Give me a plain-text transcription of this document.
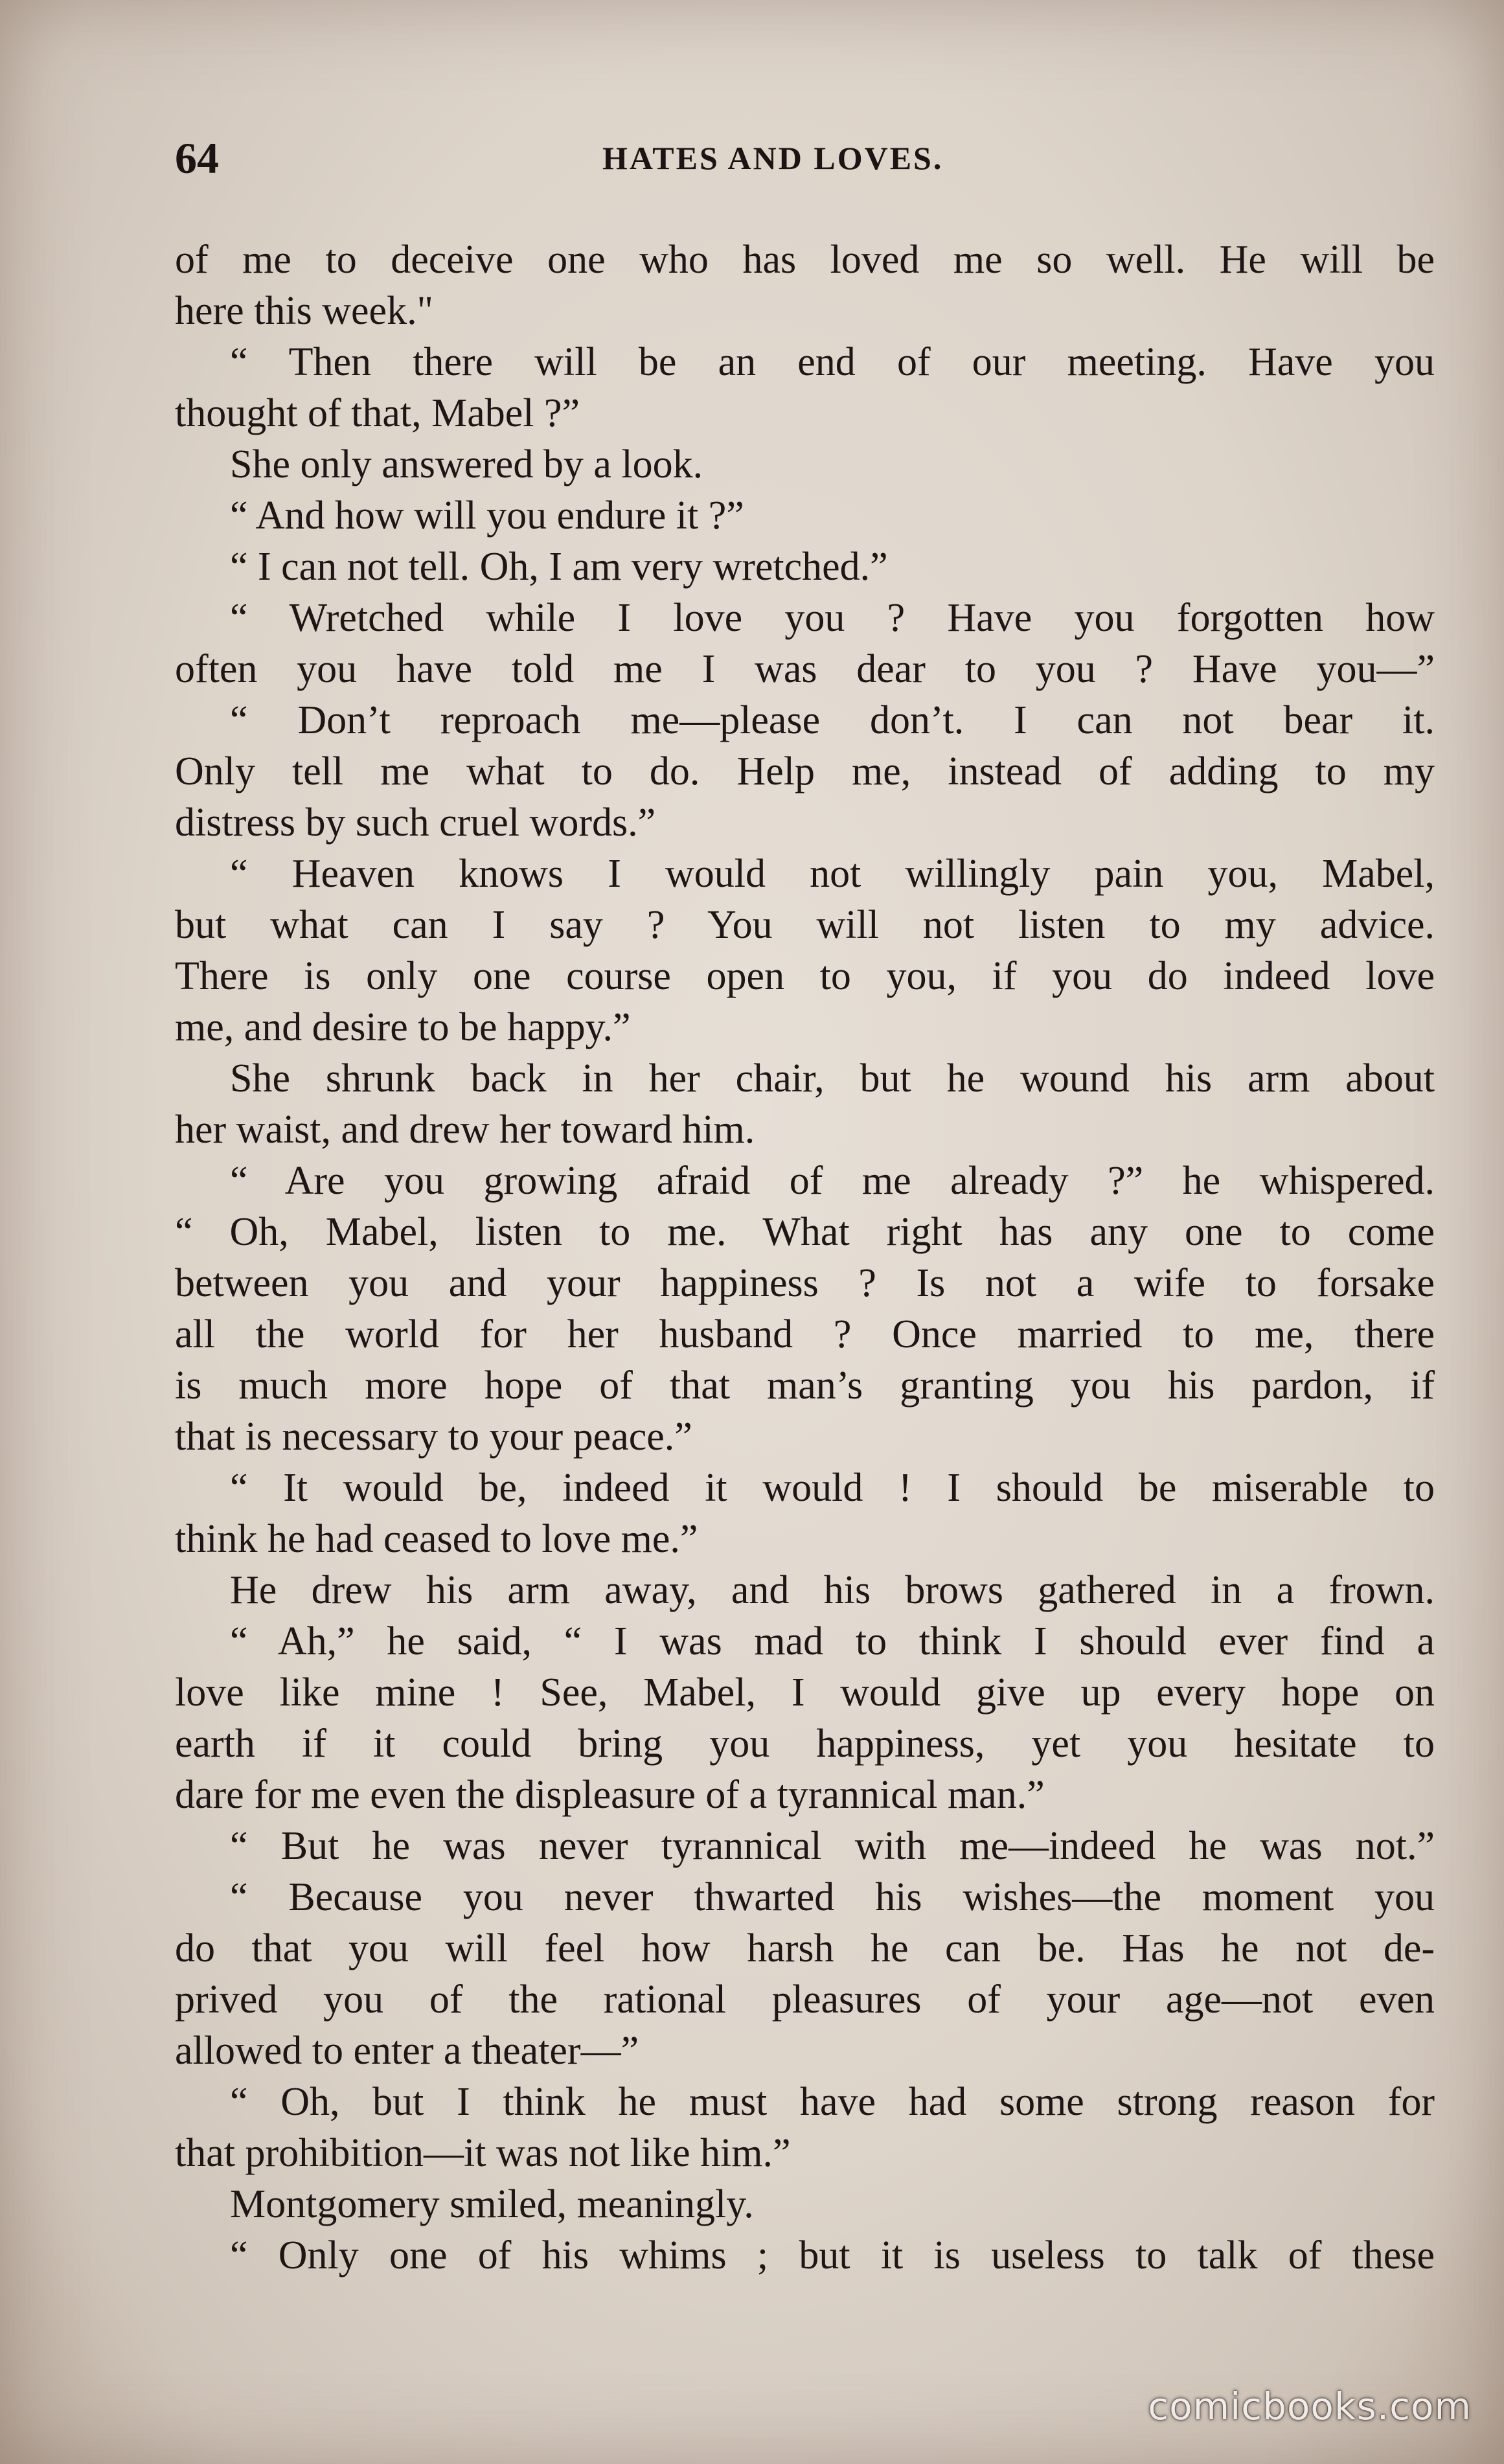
64	HATES AND LOVES.
of me to deceive one who has loved me so well. He will be
here this week."
“ Then there will be an end of our meeting. Have you
thought of that, Mabel ?”
She only answered by a look.
“ And how will you endure it ?”
“ I can not tell. Oh, I am very wretched.”
“ Wretched while I love you ? Have you forgotten how
often you have told me I was dear to you ? Have you—”
“ Don’t reproach me—please don’t. I can not bear it.
Only tell me what to do. Help me, instead of adding to my
distress by such cruel words.”
“ Heaven knows I would not willingly pain you, Mabel,
but what can I say ? You will not listen to my advice.
There is only one course open to you, if you do indeed love
me, and desire to be happy.”
She shrunk back in her chair, but he wound his arm about
her waist, and drew her toward him.
“ Are you growing afraid of me already ?” he whispered.
“ Oh, Mabel, listen to me. What right has any one to come
between you and your happiness ? Is not a wife to forsake
all the world for her husband ? Once married to me, there
is much more hope of that man’s granting you his pardon, if
that is necessary to your peace.”
“ It would be, indeed it would ! I should be miserable to
think he had ceased to love me.”
He drew his arm away, and his brows gathered in a frown.
“ Ah,” he said, “ I was mad to think I should ever find a
love like mine ! See, Mabel, I would give up every hope on
earth if it could bring you happiness, yet you hesitate to
dare for me even the displeasure of a tyrannical man.”
“ But he was never tyrannical with me—indeed he was not.”
“ Because you never thwarted his wishes—the moment you
do that you will feel how harsh he can be. Has he not de-
prived you of the rational pleasures of your age—not even
allowed to enter a theater—”
“ Oh, but I think he must have had some strong reason for
that prohibition—it was not like him.”
Montgomery smiled, meaningly.
“ Only one of his whims ; but it is useless to talk of these
comicbooks.com
